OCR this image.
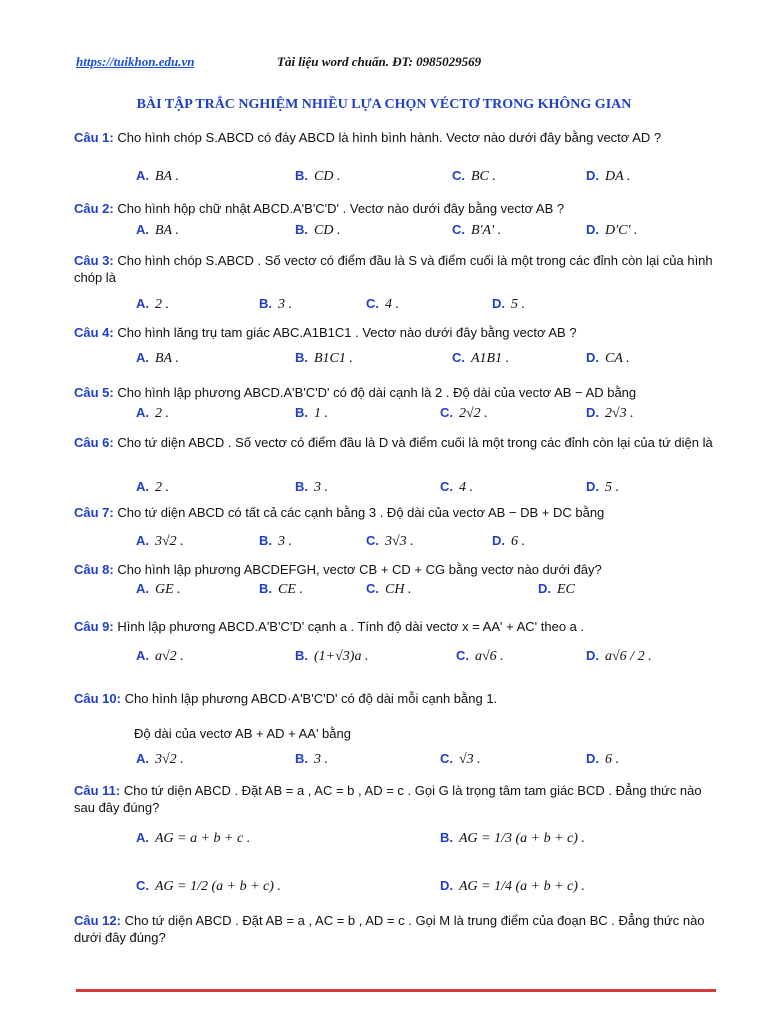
https://tuikhon.edu.vn	Tài liệu word chuẩn. ĐT: 0985029569
BÀI TẬP TRẮC NGHIỆM NHIỀU LỰA CHỌN VÉCTƠ TRONG KHÔNG GIAN
Câu 1: Cho hình chóp S.ABCD có đáy ABCD là hình bình hành. Vectơ nào dưới đây bằng vectơ AD ?
A. BA .	B. CD .	C. BC .	D. DA .
Câu 2: Cho hình hộp chữ nhật ABCD.A'B'C'D' . Vectơ nào dưới đây bằng vectơ AB ?
A. BA .	B. CD .	C. B'A' .	D. D'C' .
Câu 3: Cho hình chóp S.ABCD . Số vectơ có điểm đầu là S và điểm cuối là một trong các đỉnh còn lại của hình chóp là
A. 2 .	B. 3 .	C. 4 .	D. 5 .
Câu 4: Cho hình lăng trụ tam giác ABC.A1B1C1 . Vectơ nào dưới đây bằng vectơ AB ?
A. BA .	B. B1C1 .	C. A1B1 .	D. CA .
Câu 5: Cho hình lập phương ABCD.A'B'C'D' có độ dài cạnh là 2 . Độ dài của vectơ AB − AD bằng
A. 2 .	B. 1 .	C. 2√2 .	D. 2√3 .
Câu 6: Cho tứ diện ABCD . Số vectơ có điểm đầu là D và điểm cuối là một trong các đỉnh còn lại của tứ diện là
A. 2 .	B. 3 .	C. 4 .	D. 5 .
Câu 7: Cho tứ diện ABCD có tất cả các cạnh bằng 3 . Độ dài của vectơ AB − DB + DC bằng
A. 3√2 .	B. 3 .	C. 3√3 .	D. 6 .
Câu 8: Cho hình lập phương ABCDEFGH, vectơ CB + CD + CG bằng vectơ nào dưới đây?
A. GE .	B. CE .	C. CH .	D. EC
Câu 9: Hình lập phương ABCD.A'B'C'D' cạnh a . Tính độ dài vectơ x = AA' + AC' theo a .
A. a√2 .	B. (1+√3)a .	C. a√6 .	D. a√6 / 2 .
Câu 10: Cho hình lập phương ABCD·A'B'C'D' có độ dài mỗi cạnh bằng 1.
Độ dài của vectơ AB + AD + AA' bằng
A. 3√2 .	B. 3 .	C. √3 .	D. 6 .
Câu 11: Cho tứ diện ABCD . Đặt AB = a , AC = b , AD = c . Gọi G là trọng tâm tam giác BCD . Đẳng thức nào sau đây đúng?
A. AG = a + b + c .	B. AG = 1/3 (a + b + c) .
C. AG = 1/2 (a + b + c) .	D. AG = 1/4 (a + b + c) .
Câu 12: Cho tứ diện ABCD . Đặt AB = a , AC = b , AD = c . Gọi M là trung điểm của đoạn BC . Đẳng thức nào dưới đây đúng?
